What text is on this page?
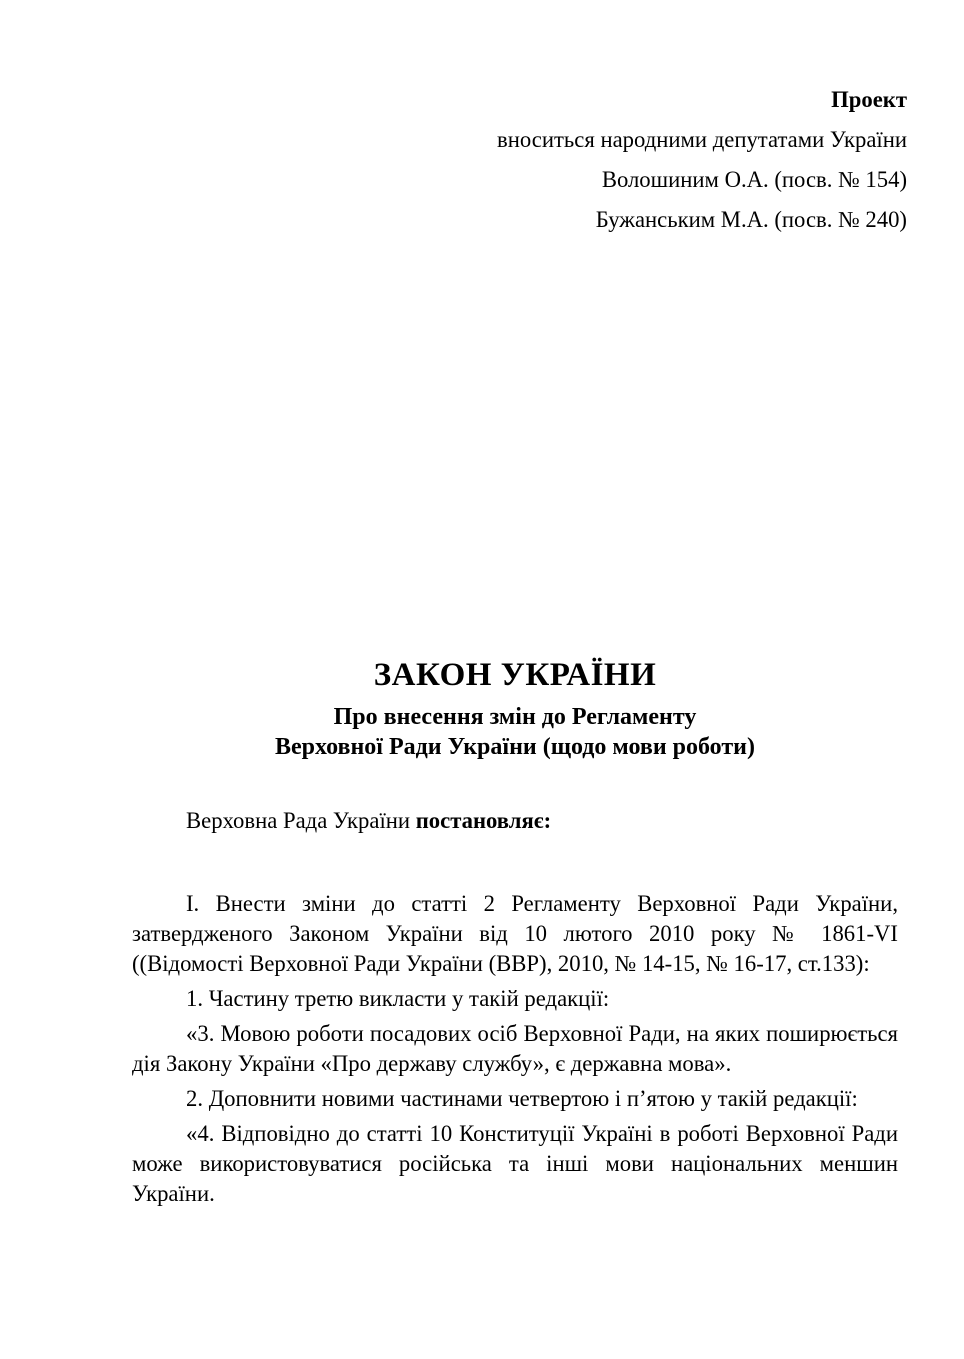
Проект
вноситься народними депутатами України
Волошиним О.А. (посв. № 154)
Бужанським М.А. (посв. № 240)
ЗАКОН УКРАЇНИ
Про внесення змін до Регламенту
Верховної Ради України (щодо мови роботи)

Верховна Рада України постановляє:

І. Внести зміни до статті 2 Регламенту Верховної Ради України, затвердженого Законом України від 10 лютого 2010 року № 1861-VI ((Відомості Верховної Ради України (ВВР), 2010, № 14-15, № 16-17, ст.133):

1. Частину третю викласти у такій редакції:

«3. Мовою роботи посадових осіб Верховної Ради, на яких поширюється дія Закону України «Про державу службу», є державна мова».

2. Доповнити новими частинами четвертою і п’ятою у такій редакції:

«4. Відповідно до статті 10 Конституції Україні в роботі Верховної Ради може використовуватися російська та інші мови національних меншин України.
